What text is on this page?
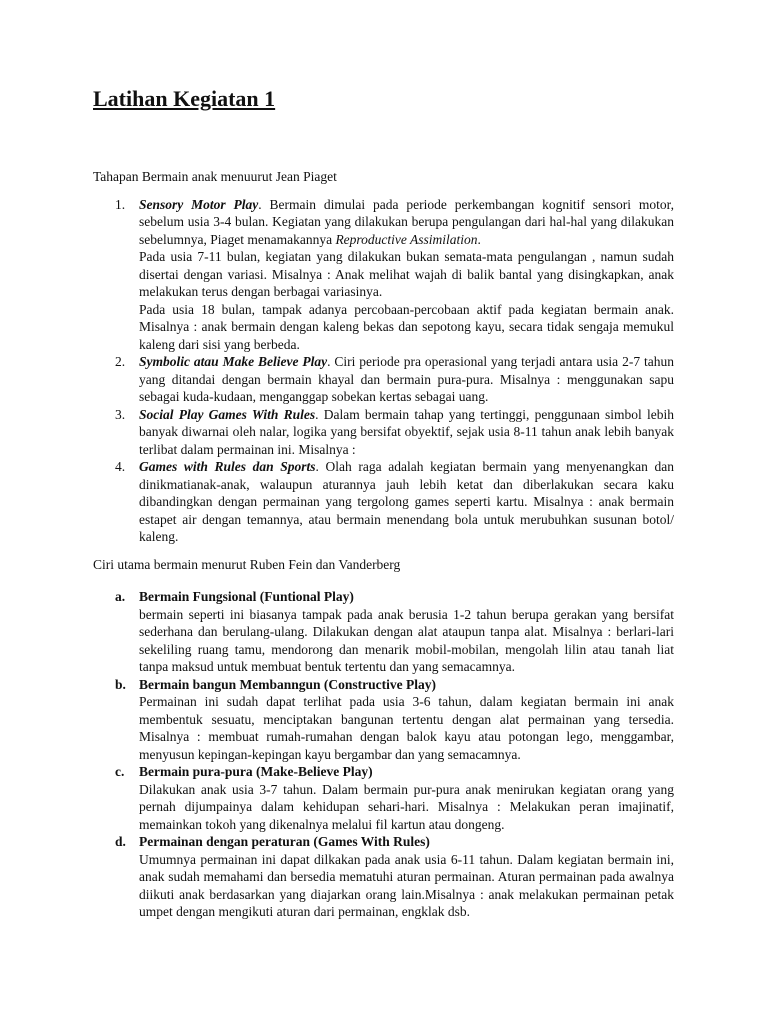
Latihan Kegiatan 1

Tahapan Bermain anak menuurut Jean Piaget

1. Sensory Motor Play. Bermain dimulai pada periode perkembangan kognitif sensori motor, sebelum usia 3-4 bulan. Kegiatan yang dilakukan berupa pengulangan dari hal-hal yang dilakukan sebelumnya, Piaget menamakannya Reproductive Assimilation.
Pada usia 7-11 bulan, kegiatan yang dilakukan bukan semata-mata pengulangan , namun sudah disertai dengan variasi. Misalnya : Anak melihat wajah di balik bantal yang disingkapkan, anak melakukan terus dengan berbagai variasinya.
Pada usia 18 bulan, tampak adanya percobaan-percobaan aktif pada kegiatan bermain anak. Misalnya : anak bermain dengan kaleng bekas dan sepotong kayu, secara tidak sengaja memukul kaleng dari sisi yang berbeda.
2. Symbolic atau Make Believe Play. Ciri periode pra operasional yang terjadi antara usia 2-7 tahun yang ditandai dengan bermain khayal dan bermain pura-pura. Misalnya : menggunakan sapu sebagai kuda-kudaan, menganggap sobekan kertas sebagai uang.
3. Social Play Games With Rules. Dalam bermain tahap yang tertinggi, penggunaan simbol lebih banyak diwarnai oleh nalar, logika yang bersifat obyektif, sejak usia 8-11 tahun anak lebih banyak terlibat dalam permainan ini. Misalnya :
4. Games with Rules dan Sports. Olah raga adalah kegiatan bermain yang menyenangkan dan dinikmatianak-anak, walaupun aturannya jauh lebih ketat dan diberlakukan secara kaku dibandingkan dengan permainan yang tergolong games seperti kartu. Misalnya : anak bermain estapet air dengan temannya, atau bermain menendang bola untuk merubuhkan susunan botol/ kaleng.

Ciri utama bermain menurut Ruben Fein dan Vanderberg

a. Bermain Fungsional (Funtional Play)
bermain seperti ini biasanya tampak pada anak berusia 1-2 tahun berupa gerakan yang bersifat sederhana dan berulang-ulang. Dilakukan dengan alat ataupun tanpa alat. Misalnya : berlari-lari sekeliling ruang tamu, mendorong dan menarik mobil-mobilan, mengolah lilin atau tanah liat tanpa maksud untuk membuat bentuk tertentu dan yang semacamnya.
b. Bermain bangun Membanngun (Constructive Play)
Permainan ini sudah dapat terlihat pada usia 3-6 tahun, dalam kegiatan bermain ini anak membentuk sesuatu, menciptakan bangunan tertentu dengan alat permainan yang tersedia. Misalnya : membuat rumah-rumahan dengan balok kayu atau potongan lego, menggambar, menyusun kepingan-kepingan kayu bergambar dan yang semacamnya.
c. Bermain pura-pura (Make-Believe Play)
Dilakukan anak usia 3-7 tahun. Dalam bermain pur-pura anak menirukan kegiatan orang yang pernah dijumpainya dalam kehidupan sehari-hari. Misalnya : Melakukan peran imajinatif, memainkan tokoh yang dikenalnya melalui fil kartun atau dongeng.
d. Permainan dengan peraturan (Games With Rules)
Umumnya permainan ini dapat dilkakan pada anak usia 6-11 tahun. Dalam kegiatan bermain ini, anak sudah memahami dan bersedia mematuhi aturan permainan. Aturan permainan pada awalnya diikuti anak berdasarkan yang diajarkan orang lain.Misalnya : anak melakukan permainan petak umpet dengan mengikuti aturan dari permainan, engklak dsb.
